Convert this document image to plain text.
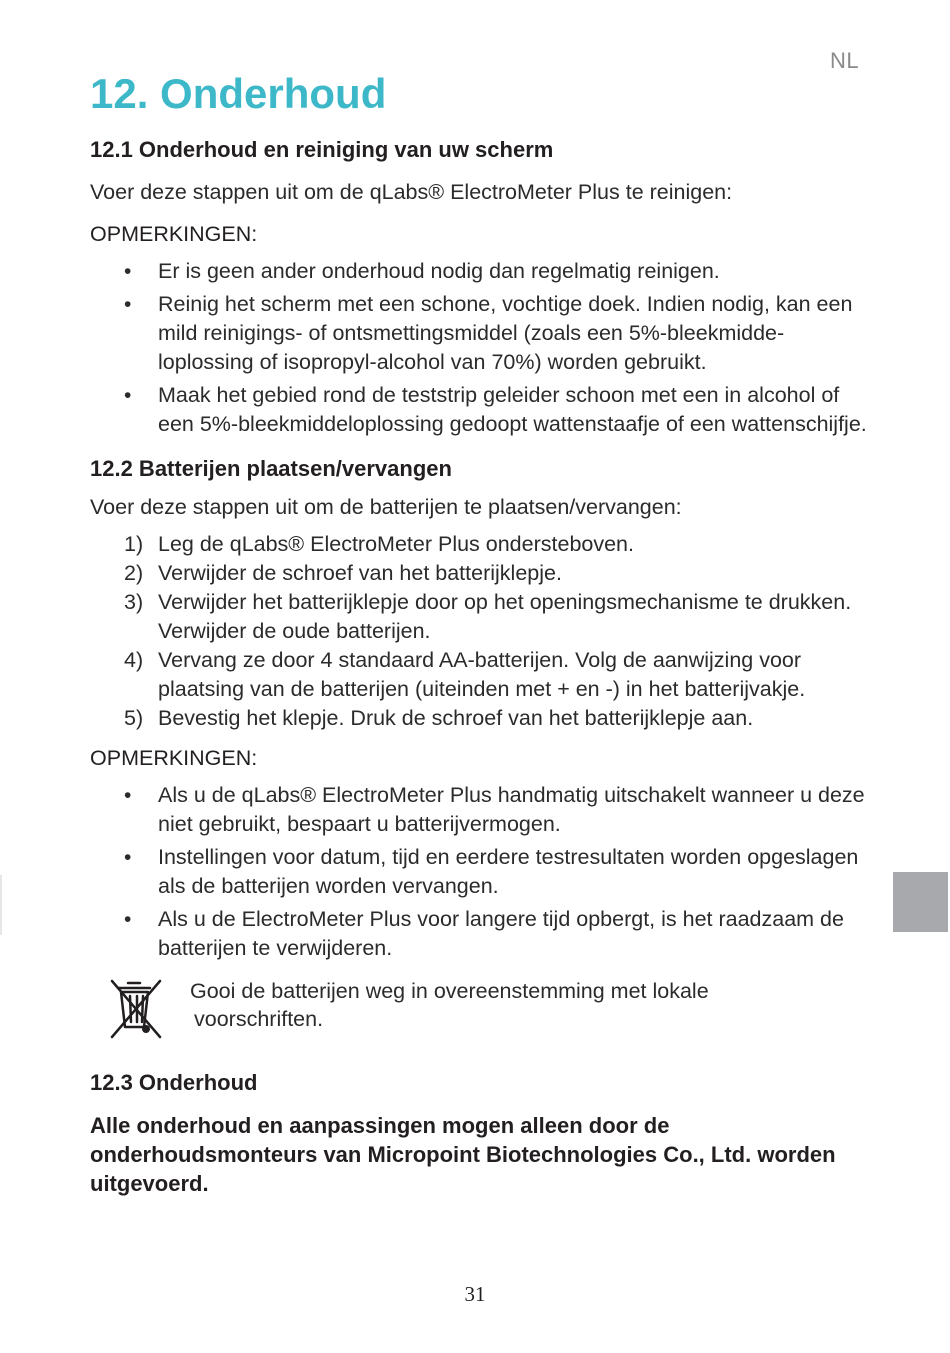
NL
12. Onderhoud
12.1 Onderhoud en reiniging van uw scherm
Voer deze stappen uit om de qLabs® ElectroMeter Plus te reinigen:
OPMERKINGEN:
• Er is geen ander onderhoud nodig dan regelmatig reinigen.
• Reinig het scherm met een schone, vochtige doek. Indien nodig, kan een mild reinigings- of ontsmettingsmiddel (zoals een 5%-bleekmidde-loplossing of isopropyl-alcohol van 70%) worden gebruikt.
• Maak het gebied rond de teststrip geleider schoon met een in alcohol of een 5%-bleekmiddeloplossing gedoopt wattenstaafje of een wattenschijfje.
12.2 Batterijen plaatsen/vervangen
Voer deze stappen uit om de batterijen te plaatsen/vervangen:
1) Leg de qLabs® ElectroMeter Plus ondersteboven.
2) Verwijder de schroef van het batterijklepje.
3) Verwijder het batterijklepje door op het openingsmechanisme te drukken. Verwijder de oude batterijen.
4) Vervang ze door 4 standaard AA-batterijen. Volg de aanwijzing voor plaatsing van de batterijen (uiteinden met + en -) in het batterijvakje.
5) Bevestig het klepje. Druk de schroef van het batterijklepje aan.
OPMERKINGEN:
• Als u de qLabs® ElectroMeter Plus handmatig uitschakelt wanneer u deze niet gebruikt, bespaart u batterijvermogen.
• Instellingen voor datum, tijd en eerdere testresultaten worden opgeslagen als de batterijen worden vervangen.
• Als u de ElectroMeter Plus voor langere tijd opbergt, is het raadzaam de batterijen te verwijderen.
Gooi de batterijen weg in overeenstemming met lokale
voorschriften.
12.3 Onderhoud
Alle onderhoud en aanpassingen mogen alleen door de onderhoudsmonteurs van Micropoint Biotechnologies Co., Ltd. worden uitgevoerd.
31
